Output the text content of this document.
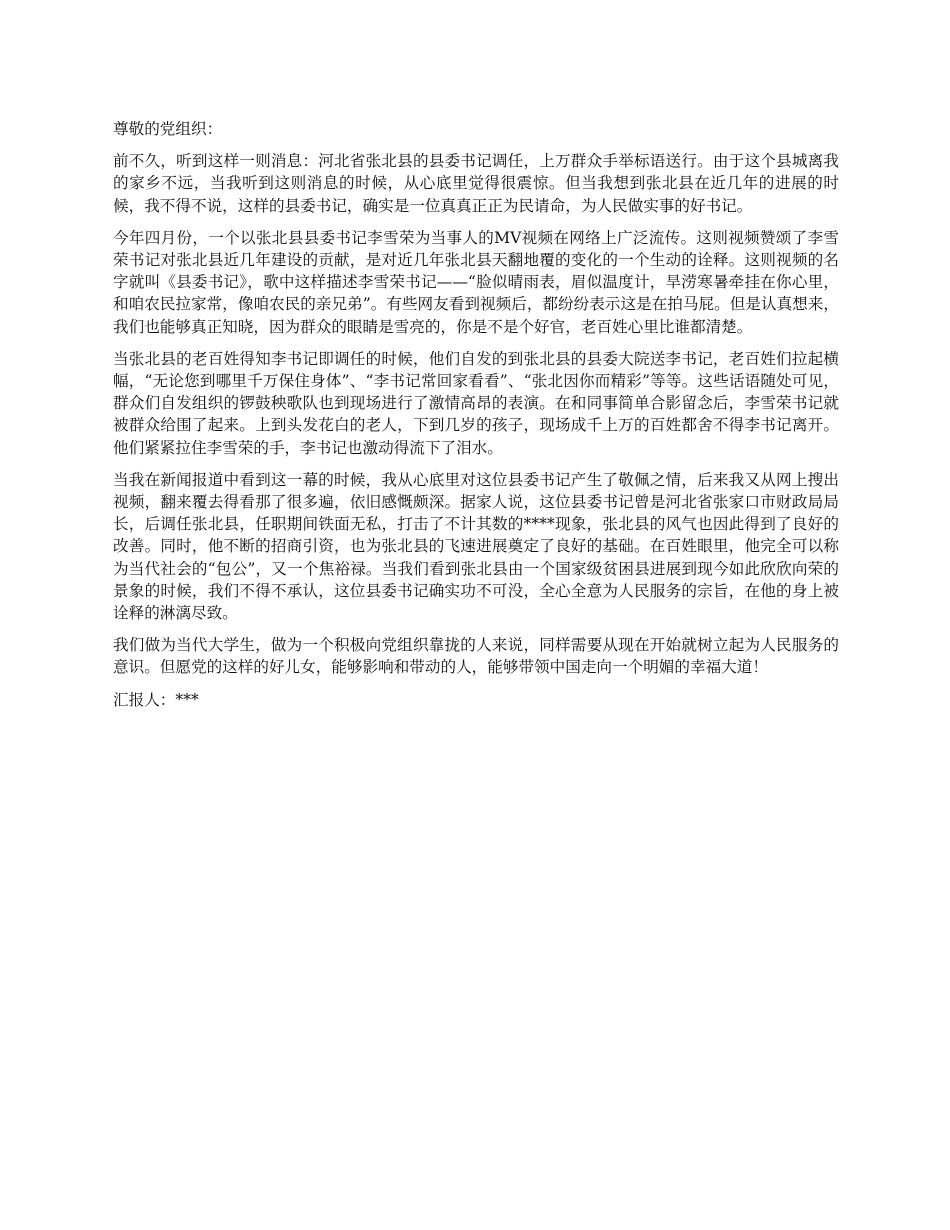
尊敬的党组织：

前不久，听到这样一则消息：河北省张北县的县委书记调任，上万群众手举标语送行。由于这个县城离我的家乡不远，当我听到这则消息的时候，从心底里觉得很震惊。但当我想到张北县在近几年的进展的时候，我不得不说，这样的县委书记，确实是一位真真正正为民请命，为人民做实事的好书记。

今年四月份，一个以张北县县委书记李雪荣为当事人的MV视频在网络上广泛流传。这则视频赞颂了李雪荣书记对张北县近几年建设的贡献，是对近几年张北县天翻地覆的变化的一个生动的诠释。这则视频的名字就叫《县委书记》，歌中这样描述李雪荣书记——“脸似晴雨表，眉似温度计，旱涝寒暑牵挂在你心里，和咱农民拉家常，像咱农民的亲兄弟”。有些网友看到视频后，都纷纷表示这是在拍马屁。但是认真想来，我们也能够真正知晓，因为群众的眼睛是雪亮的，你是不是个好官，老百姓心里比谁都清楚。

当张北县的老百姓得知李书记即调任的时候，他们自发的到张北县的县委大院送李书记，老百姓们拉起横幅，“无论您到哪里千万保住身体”、“李书记常回家看看”、“张北因你而精彩”等等。这些话语随处可见，群众们自发组织的锣鼓秧歌队也到现场进行了激情高昂的表演。在和同事简单合影留念后，李雪荣书记就被群众给围了起来。上到头发花白的老人，下到几岁的孩子，现场成千上万的百姓都舍不得李书记离开。他们紧紧拉住李雪荣的手，李书记也激动得流下了泪水。

当我在新闻报道中看到这一幕的时候，我从心底里对这位县委书记产生了敬佩之情，后来我又从网上搜出视频，翻来覆去得看那了很多遍，依旧感慨颇深。据家人说，这位县委书记曾是河北省张家口市财政局局长，后调任张北县，任职期间铁面无私，打击了不计其数的****现象，张北县的风气也因此得到了良好的改善。同时，他不断的招商引资，也为张北县的飞速进展奠定了良好的基础。在百姓眼里，他完全可以称为当代社会的“包公”，又一个焦裕禄。当我们看到张北县由一个国家级贫困县进展到现今如此欣欣向荣的景象的时候，我们不得不承认，这位县委书记确实功不可没，全心全意为人民服务的宗旨，在他的身上被诠释的淋漓尽致。

我们做为当代大学生，做为一个积极向党组织靠拢的人来说，同样需要从现在开始就树立起为人民服务的意识。但愿党的这样的好儿女，能够影响和带动的人，能够带领中国走向一个明媚的幸福大道！

汇报人：***
